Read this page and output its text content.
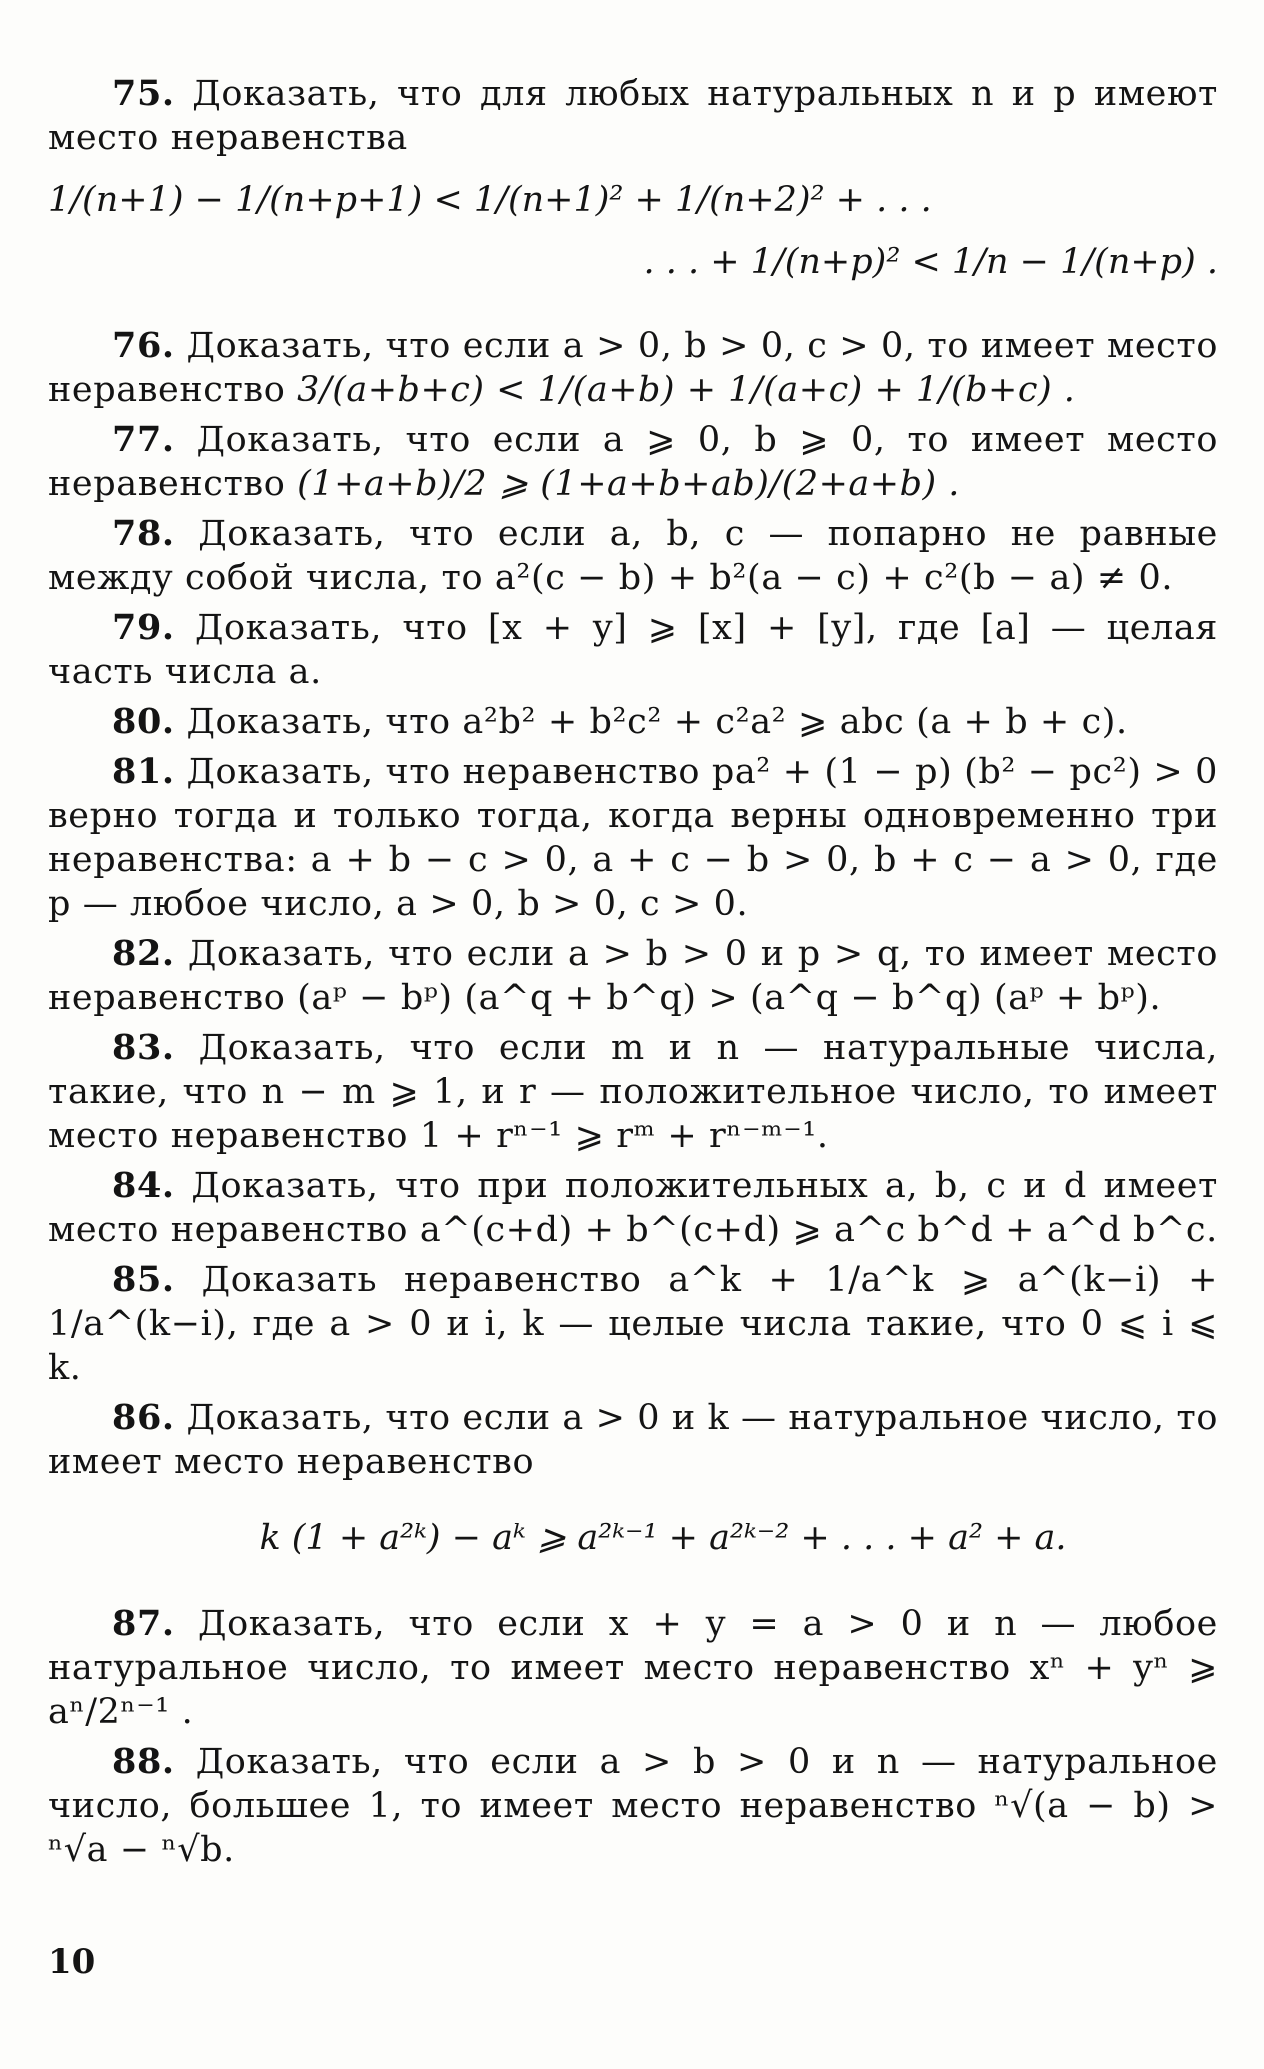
75. Доказать, что для любых натуральных n и p имеют место неравенства

1/(n+1) − 1/(n+p+1) < 1/(n+1)² + 1/(n+2)² + . . .
. . . + 1/(n+p)² < 1/n − 1/(n+p) .

76. Доказать, что если a > 0, b > 0, c > 0, то имеет место неравенство 3/(a+b+c) < 1/(a+b) + 1/(a+c) + 1/(b+c) .

77. Доказать, что если a ⩾ 0, b ⩾ 0, то имеет место неравенство (1+a+b)/2 ⩾ (1+a+b+ab)/(2+a+b) .

78. Доказать, что если a, b, c — попарно не равные между собой числа, то a²(c − b) + b²(a − c) + c²(b − a) ≠ 0.

79. Доказать, что [x + y] ⩾ [x] + [y], где [a] — целая часть числа a.

80. Доказать, что a²b² + b²c² + c²a² ⩾ abc (a + b + c).

81. Доказать, что неравенство pa² + (1 − p) (b² − pc²) > 0 верно тогда и только тогда, когда верны одновременно три неравенства: a + b − c > 0, a + c − b > 0, b + c − a > 0, где p — любое число, a > 0, b > 0, c > 0.

82. Доказать, что если a > b > 0 и p > q, то имеет место неравенство (aᵖ − bᵖ) (a^q + b^q) > (a^q − b^q) (aᵖ + bᵖ).

83. Доказать, что если m и n — натуральные числа, такие, что n − m ⩾ 1, и r — положительное число, то имеет место неравенство 1 + rⁿ⁻¹ ⩾ rᵐ + rⁿ⁻ᵐ⁻¹.

84. Доказать, что при положительных a, b, c и d имеет место неравенство a^(c+d) + b^(c+d) ⩾ a^c b^d + a^d b^c.

85. Доказать неравенство a^k + 1/a^k ⩾ a^(k−i) + 1/a^(k−i), где a > 0 и i, k — целые числа такие, что 0 ⩽ i ⩽ k.

86. Доказать, что если a > 0 и k — натуральное число, то имеет место неравенство

k (1 + a²ᵏ) − aᵏ ⩾ a²ᵏ⁻¹ + a²ᵏ⁻² + . . . + a² + a.

87. Доказать, что если x + y = a > 0 и n — любое натуральное число, то имеет место неравенство xⁿ + yⁿ ⩾ aⁿ/2ⁿ⁻¹ .

88. Доказать, что если a > b > 0 и n — натуральное число, большее 1, то имеет место неравенство ⁿ√(a − b) > ⁿ√a − ⁿ√b.

10
